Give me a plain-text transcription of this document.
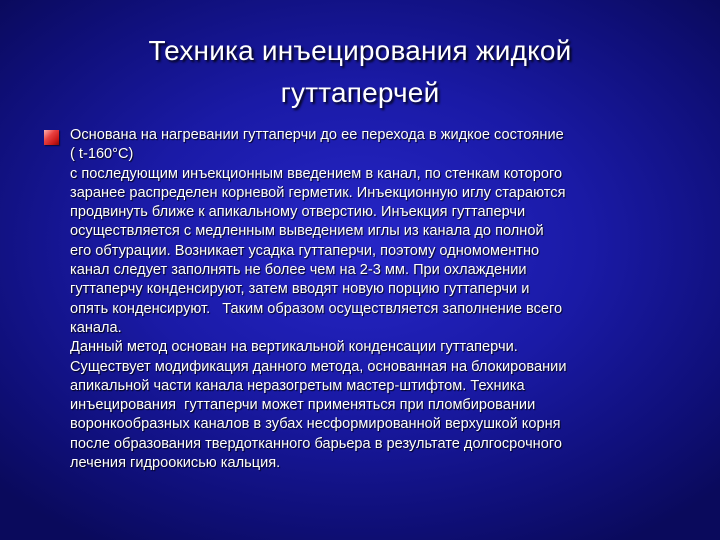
Техника инъецирования жидкой
гуттаперчей
Основана на нагревании гуттаперчи до ее перехода в жидкое состояние
( t-160°C)
с последующим инъекционным введением в канал, по стенкам которого
заранее распределен корневой герметик. Инъекционную иглу стараются
продвинуть ближе к апикальному отверстию. Инъекция гуттаперчи
осуществляется с медленным выведением иглы из канала до полной
его обтурации. Возникает усадка гуттаперчи, поэтому одномоментно
канал следует заполнять не более чем на 2-3 мм. При охлаждении
гуттаперчу конденсируют, затем вводят новую порцию гуттаперчи и
опять конденсируют.   Таким образом осуществляется заполнение всего
канала.
Данный метод основан на вертикальной конденсации гуттаперчи.
Существует модификация данного метода, основанная на блокировании
апикальной части канала неразогретым мастер-штифтом. Техника
инъецирования  гуттаперчи может применяться при пломбировании
воронкообразных каналов в зубах несформированной верхушкой корня
после образования твердотканного барьера в результате долгосрочного
лечения гидроокисью кальция.
